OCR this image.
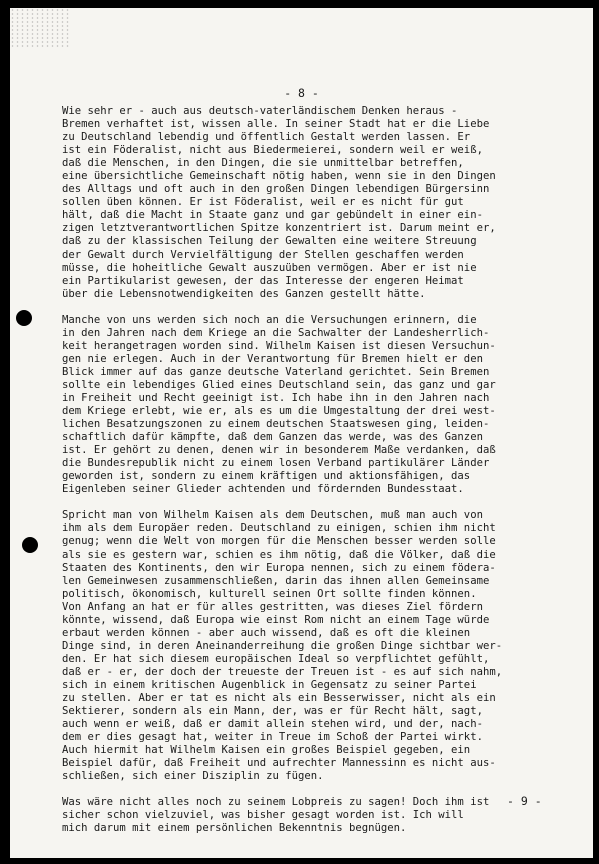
- 8 -
Wie sehr er - auch aus deutsch-vaterländischem Denken heraus -
Bremen verhaftet ist, wissen alle. In seiner Stadt hat er die Liebe
zu Deutschland lebendig und öffentlich Gestalt werden lassen. Er
ist ein Föderalist, nicht aus Biedermeierei, sondern weil er weiß,
daß die Menschen, in den Dingen, die sie unmittelbar betreffen,
eine übersichtliche Gemeinschaft nötig haben, wenn sie in den Dingen
des Alltags und oft auch in den großen Dingen lebendigen Bürgersinn
sollen üben können. Er ist Föderalist, weil er es nicht für gut
hält, daß die Macht in Staate ganz und gar gebündelt in einer ein-
zigen letztverantwortlichen Spitze konzentriert ist. Darum meint er,
daß zu der klassischen Teilung der Gewalten eine weitere Streuung
der Gewalt durch Vervielfältigung der Stellen geschaffen werden
müsse, die hoheitliche Gewalt auszuüben vermögen. Aber er ist nie
ein Partikularist gewesen, der das Interesse der engeren Heimat
über die Lebensnotwendigkeiten des Ganzen gestellt hätte.
Manche von uns werden sich noch an die Versuchungen erinnern, die
in den Jahren nach dem Kriege an die Sachwalter der Landesherrlich-
keit herangetragen worden sind. Wilhelm Kaisen ist diesen Versuchun-
gen nie erlegen. Auch in der Verantwortung für Bremen hielt er den
Blick immer auf das ganze deutsche Vaterland gerichtet. Sein Bremen
sollte ein lebendiges Glied eines Deutschland sein, das ganz und gar
in Freiheit und Recht geeinigt ist. Ich habe ihn in den Jahren nach
dem Kriege erlebt, wie er, als es um die Umgestaltung der drei west-
lichen Besatzungszonen zu einem deutschen Staatswesen ging, leiden-
schaftlich dafür kämpfte, daß dem Ganzen das werde, was des Ganzen
ist. Er gehört zu denen, denen wir in besonderem Maße verdanken, daß
die Bundesrepublik nicht zu einem losen Verband partikulärer Länder
geworden ist, sondern zu einem kräftigen und aktionsfähigen, das
Eigenleben seiner Glieder achtenden und fördernden Bundesstaat.
Spricht man von Wilhelm Kaisen als dem Deutschen, muß man auch von
ihm als dem Europäer reden. Deutschland zu einigen, schien ihm nicht
genug; wenn die Welt von morgen für die Menschen besser werden solle
als sie es gestern war, schien es ihm nötig, daß die Völker, daß die
Staaten des Kontinents, den wir Europa nennen, sich zu einem födera-
len Gemeinwesen zusammenschließen, darin das ihnen allen Gemeinsame
politisch, ökonomisch, kulturell seinen Ort sollte finden können.
Von Anfang an hat er für alles gestritten, was dieses Ziel fördern
könnte, wissend, daß Europa wie einst Rom nicht an einem Tage würde
erbaut werden können - aber auch wissend, daß es oft die kleinen
Dinge sind, in deren Aneinanderreihung die großen Dinge sichtbar wer-
den. Er hat sich diesem europäischen Ideal so verpflichtet gefühlt,
daß er - er, der doch der treueste der Treuen ist - es auf sich nahm,
sich in einem kritischen Augenblick in Gegensatz zu seiner Partei
zu stellen. Aber er tat es nicht als ein Besserwisser, nicht als ein
Sektierer, sondern als ein Mann, der, was er für Recht hält, sagt,
auch wenn er weiß, daß er damit allein stehen wird, und der, nach-
dem er dies gesagt hat, weiter in Treue im Schoß der Partei wirkt.
Auch hiermit hat Wilhelm Kaisen ein großes Beispiel gegeben, ein
Beispiel dafür, daß Freiheit und aufrechter Mannessinn es nicht aus-
schließen, sich einer Disziplin zu fügen.
Was wäre nicht alles noch zu seinem Lobpreis zu sagen! Doch ihm ist
sicher schon vielzuviel, was bisher gesagt worden ist. Ich will
mich darum mit einem persönlichen Bekenntnis begnügen.
- 9 -
